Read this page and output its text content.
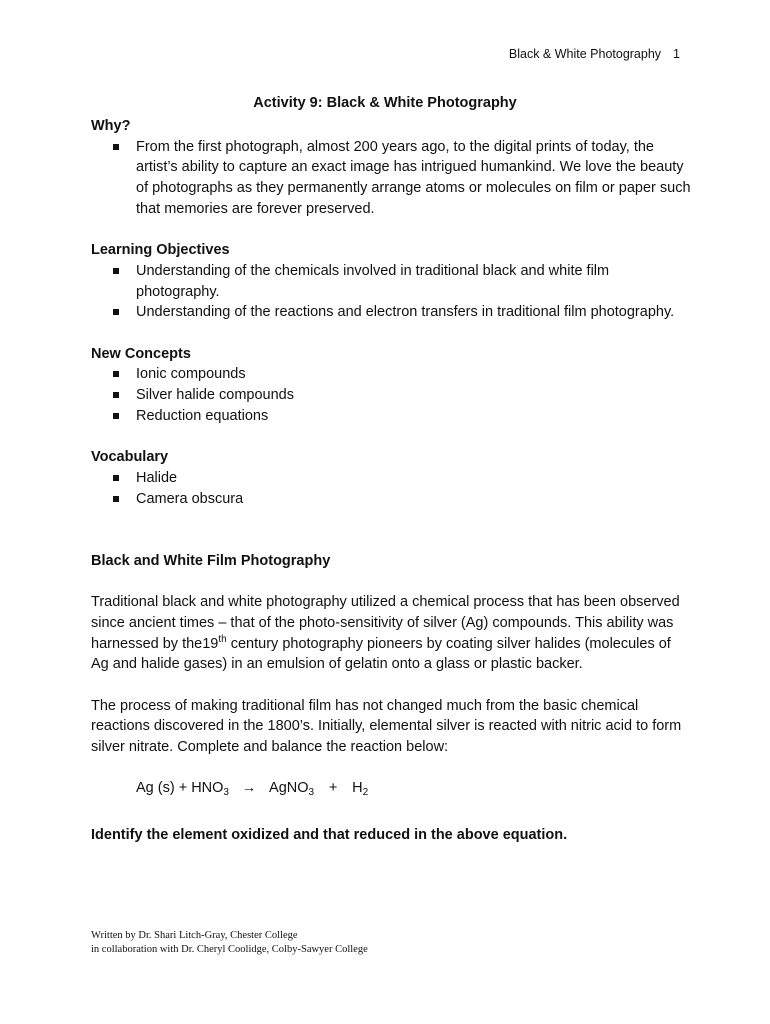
Black & White Photography 1
Activity 9: Black & White Photography
Why?
From the first photograph, almost 200 years ago, to the digital prints of today, the artist’s ability to capture an exact image has intrigued humankind. We love the beauty of photographs as they permanently arrange atoms or molecules on film or paper such that memories are forever preserved.
Learning Objectives
Understanding of the chemicals involved in traditional black and white film photography.
Understanding of the reactions and electron transfers in traditional film photography.
New Concepts
Ionic compounds
Silver halide compounds
Reduction equations
Vocabulary
Halide
Camera obscura
Black and White Film Photography

Traditional black and white photography utilized a chemical process that has been observed since ancient times – that of the photo-sensitivity of silver (Ag) compounds. This ability was harnessed by the19th century photography pioneers by coating silver halides (molecules of Ag and halide gases) in an emulsion of gelatin onto a glass or plastic backer.

The process of making traditional film has not changed much from the basic chemical reactions discovered in the 1800’s. Initially, elemental silver is reacted with nitric acid to form silver nitrate. Complete and balance the reaction below:

Ag $(s) + HNO_3$ → AgNO$_3$ + $H_2$
Identify the element oxidized and that reduced in the above equation.
Written by Dr. Shari Litch-Gray, Chester College
in collaboration with Dr. Cheryl Coolidge, Colby-Sawyer College
